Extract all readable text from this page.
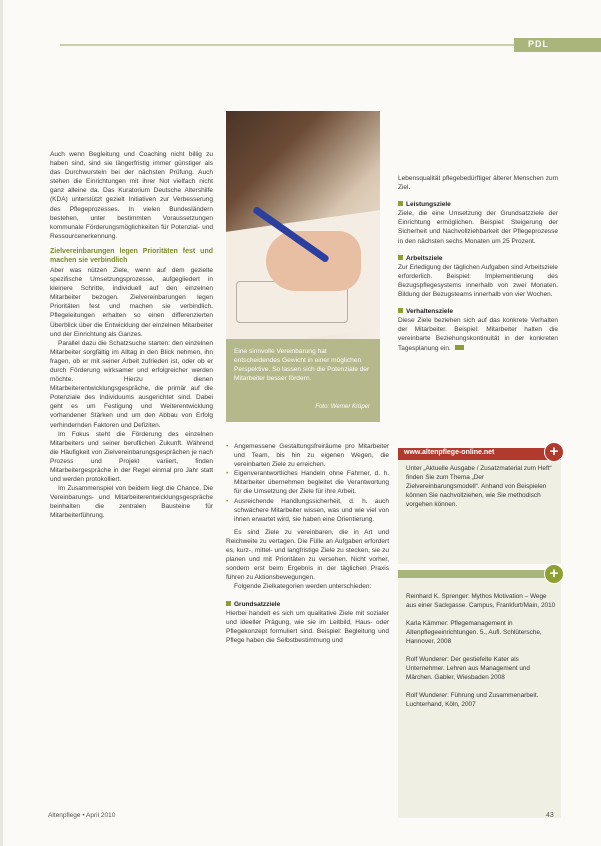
PDL

Eine sinnvolle Vereinbarung hat entscheidendes Gewicht in einer möglichen Perspektive. So lassen sich die Potenziale der Mitarbeiter besser fördern.

Foto: Werner Krüper

Auch wenn Begleitung und Coaching nicht billig zu haben sind, sind sie längerfristig immer günstiger als das Durchwursteln bei der nächsten Prüfung. Auch stehen die Einrichtungen mit ihrer Not vielfach nicht ganz alleine da. Das Kuratorium Deutsche Altershilfe (KDA) unterstützt gezielt Initiativen zur Verbesserung des Pflegeprozesses. In vielen Bundesländern bestehen, unter bestimmten Voraussetzungen kommunale Förderungsmöglichkeiten für Potenzial- und Ressourcenerkennung.

Zielvereinbarungen legen Prioritäten fest und machen sie verbindlich

Aber was nützen Ziele, wenn auf dem gezielte spezifische Umsetzungsprozesse, aufgegliedert in kleinere Schritte, individuell auf den einzelnen Mitarbeiter bezogen. Zielvereinbarungen legen Prioritäten fest und machen sie verbindlich. Pflegeleitungen erhalten so einen differenzierten Überblick über die Entwicklung der einzelnen Mitarbeiter und der Einrichtung als Ganzes.

Parallel dazu die Schatzsuche starten: den einzelnen Mitarbeiter sorgfältig im Alltag in den Blick nehmen, ihn fragen, ob er mit seiner Arbeit zufrieden ist, oder ob er durch Förderung wirksamer und erfolgreicher werden möchte. Hierzu dienen Mitarbeiterentwicklungsgespräche, die primär auf die Potenziale des Individuums ausgerichtet sind. Dabei geht es um Festigung und Weiterentwicklung vorhandener Stärken und um den Abbau von Erfolg verhindernden Faktoren und Defiziten.

Im Fokus steht die Förderung des einzelnen Mitarbeiters und seiner beruflichen Zukunft. Während die Häufigkeit von Zielvereinbarungsgesprächen je nach Prozess und Projekt variiert, finden Mitarbeitergespräche in der Regel einmal pro Jahr statt und werden protokolliert.

Im Zusammenspiel von beidem liegt die Chance. Die Vereinbarungs- und Mitarbeiterentwicklungsgespräche beinhalten die zentralen Bausteine für Mitarbeiterführung.

• Angemessene Gestaltungsfreiräume pro Mitarbeiter und Team, bis hin zu eigenen Wegen, die vereinbarten Ziele zu erreichen.

• Eigenverantwortliches Handeln ohne Fahrner, d. h. Mitarbeiter übernehmen begleitet die Verantwortung für die Umsetzung der Ziele für ihre Arbeit.

• Ausreichende Handlungssicherheit, d. h. auch schwächere Mitarbeiter wissen, was und wie viel von ihnen erwartet wird, sie haben eine Orientierung.

Es sind Ziele zu vereinbaren, die in Art und Reichweite zu vertagen. Die Fülle an Aufgaben erfordert es, kurz-, mittel- und langfristige Ziele zu stecken, sie zu planen und mit Prioritäten zu versehen. Nicht vorher, sondern erst beim Ergebnis in der täglichen Praxis führen zu Aktionsbewegungen.

Folgende Zielkategorien werden unterschieden:

Grundsatzziele

Hierbei handelt es sich um qualitative Ziele mit sozialer und ideeller Prägung, wie sie im Leitbild, Haus- oder Pflegekonzept formuliert sind. Beispiel: Begleitung und Pflege haben die Selbstbestimmung und

Lebensqualität pflegebedürftiger älterer Menschen zum Ziel.

Leistungsziele

Ziele, die eine Umsetzung der Grundsatzziele der Einrichtung ermöglichen. Beispiel: Steigerung der Sicherheit und Nachvollziehbarkeit der Pflegeprozesse in den nächsten sechs Monaten um 25 Prozent.

Arbeitsziele

Zur Erledigung der täglichen Aufgaben sind Arbeitsziele erforderlich. Beispiel: Implementierung des Bezugspflegesystems innerhalb von zwei Monaten. Bildung der Bezugsteams innerhalb von vier Wochen.

Verhaltensziele

Diese Ziele beziehen sich auf das konkrete Verhalten der Mitarbeiter. Beispiel: Mitarbeiter halten die vereinbarte Beziehungskontinuität in der konkreten Tagesplanung ein.

www.altenpflege-online.net	+
Unter „Aktuelle Ausgabe / Zusatzmaterial zum Heft“ finden Sie zum Thema „Der Zielvereinbarungsmodell“. Anhand von Beispielen können Sie nachvollziehen, wie Sie methodisch vorgehen können.
+

Reinhard K. Sprenger: Mythos Motivation – Wege aus einer Sackgasse. Campus, Frankfurt/Main, 2010

Karla Kämmer: Pflegemanagement in Altenpflegeeinrichtungen. 5., Aufl. Schlütersche, Hannover, 2008

Rolf Wunderer: Der gestiefelte Kater als Unternehmer. Lehren aus Management und Märchen. Gabler, Wiesbaden 2008

Rolf Wunderer: Führung und Zusammenarbeit. Luchterhand, Köln, 2007

Altenpflege • April 2010	43
